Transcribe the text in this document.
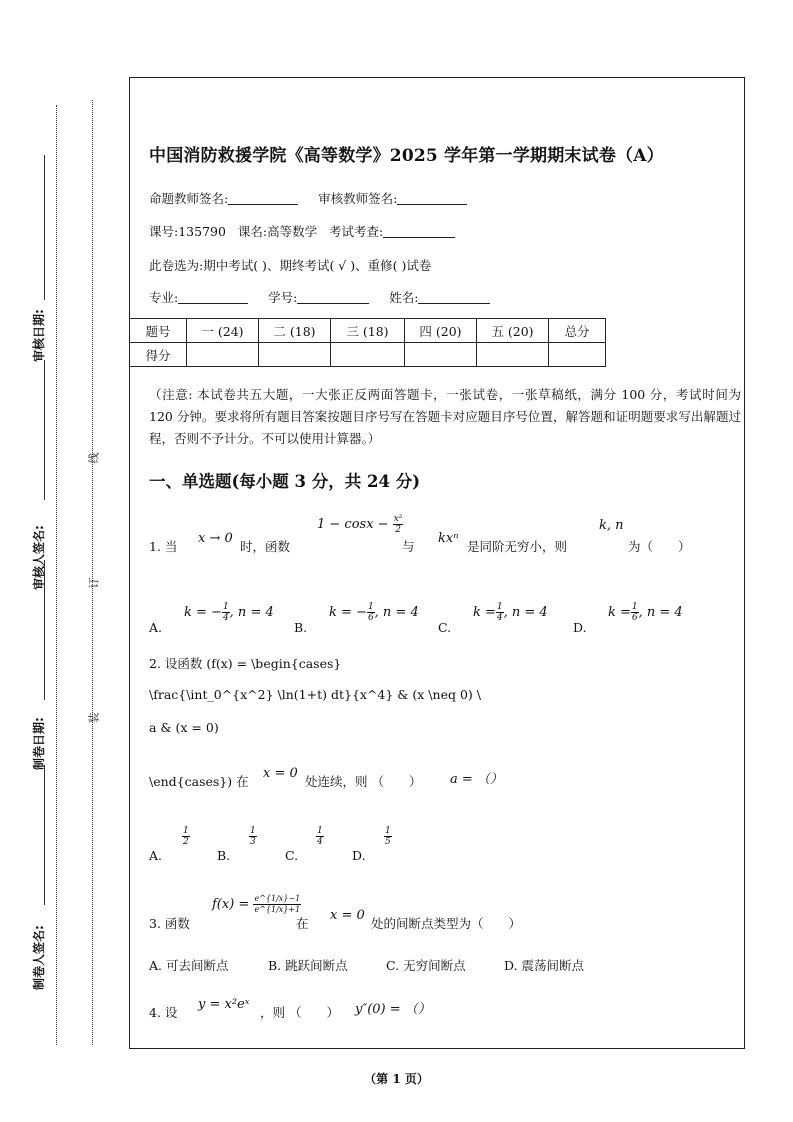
审核日期:
审核人签名:
制卷日期:
制卷人签名:
线
订
装
中国消防救援学院《高等数学》2025 学年第一学期期末试卷（A）
命题教师签名:	审核教师签名:
课号:135790 课名:高等数学 考试考查:
此卷选为:期中考试( )、期终考试( √ )、重修( )试卷
专业:	学号:	姓名:
题号	一 (24)	二 (18)	三 (18)	四 (20)	五 (20)	总分
得分						
（注意: 本试卷共五大题，一大张正反两面答题卡，一张试卷，一张草稿纸，满分 100 分，考试时间为 120 分钟。要求将所有题目答案按题目序号写在答题卡对应题目序号位置，解答题和证明题要求写出解题过程，否则不予计分。不可以使用计算器。）
一、单选题(每小题 3 分，共 24 分)
1. 当
x → 0
时，函数
$1 - \cos x - \frac{\text{x²}}{2}$
与
kxⁿ
是同阶无穷小，则
k, n
为（　　）
A.
k = − $\frac{1}{4}$ , n = 4
B.
k = − $\frac{1}{6}$ , n = 4
C.
$k = \frac{1}{4}$ , n = 4
D.
$k = \frac{1}{6}$ , n = 4
2. 设函数 (f(x) = \begin{cases}
\frac{\int_0^{x^2} \ln(1+t) dt}{x^4} & (x \neq 0) \
a & (x = 0)
\end{cases}) 在
x = 0
处连续，则 （　　） a = （）
A.
$\frac{1}{2}$
B.
$\frac{1}{3}$
C.
$\frac{1}{4}$
D.
$\frac{1}{5}$
3. 函数
$f(x) = \frac{e\^{}\{1/x\}-1}{e\^{}\{1/x\}+1}$
在
x = 0
处的间断点类型为（　　）
A. 可去间断点	B. 跳跃间断点	C. 无穷间断点	D. 震荡间断点
4. 设
y = x²eˣ
，则 （　　） y″(0) = （）
（第 1 页）
